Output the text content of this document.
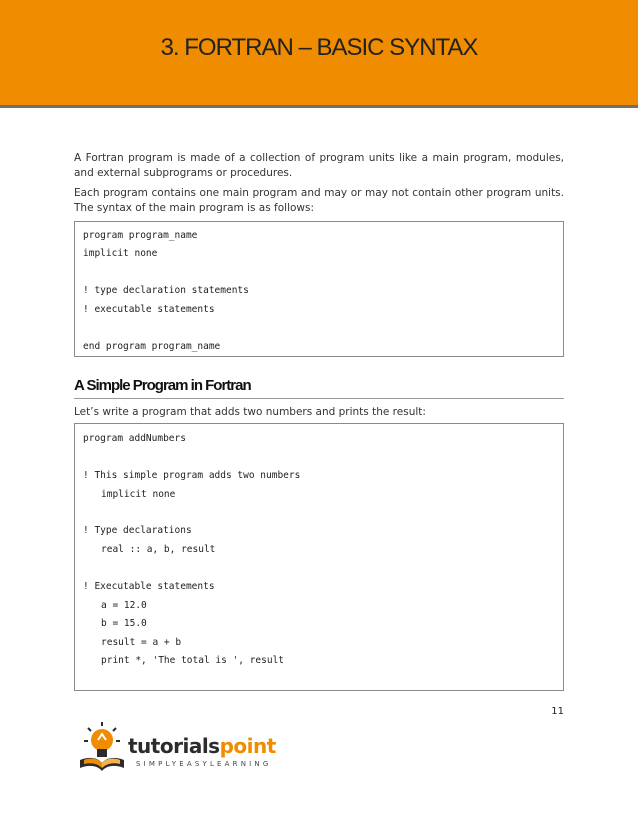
3. FORTRAN – BASIC SYNTAX

A Fortran program is made of a collection of program units like a main program, modules, and external subprograms or procedures.

Each program contains one main program and may or may not contain other program units. The syntax of the main program is as follows:

program program_name
implicit none
! type declaration statements
! executable statements
end program program_name
A Simple Program in Fortran

Let’s write a program that adds two numbers and prints the result:

program addNumbers
! This simple program adds two numbers
implicit none
! Type declarations
real :: a, b, result
! Executable statements
a = 12.0
b = 15.0
result = a + b
print *, 'The total is ', result
11
tutorialspoint
SIMPLYEASYLEARNING
